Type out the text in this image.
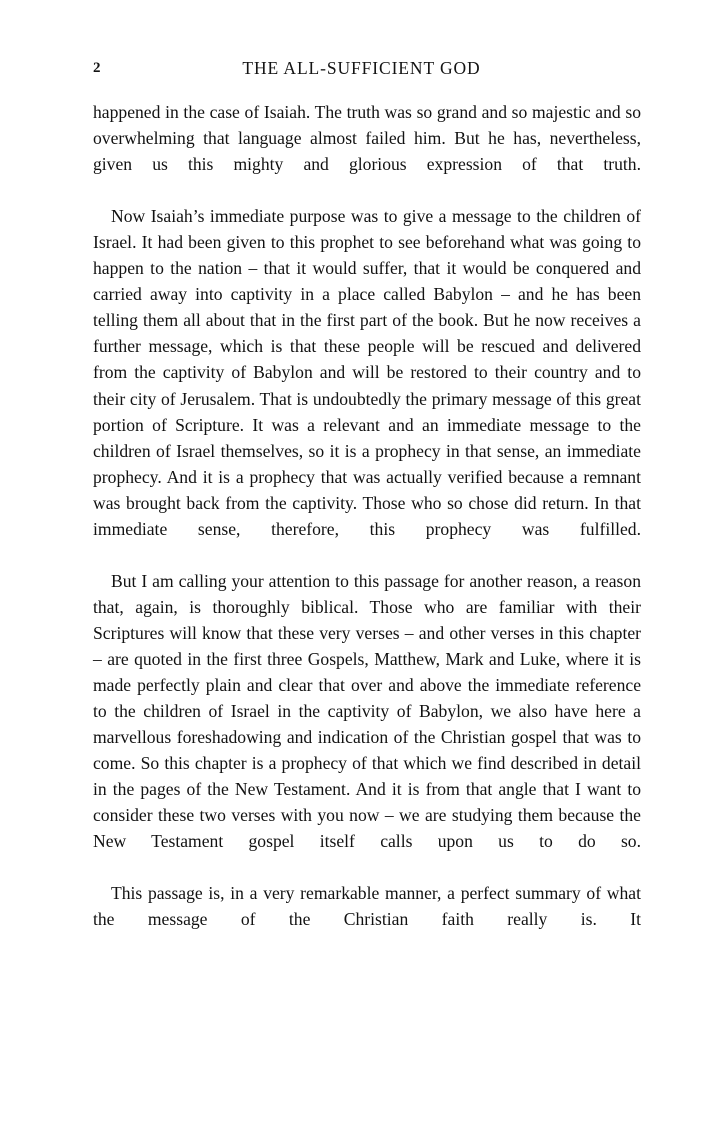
2	THE ALL-SUFFICIENT GOD

happened in the case of Isaiah. The truth was so grand and so majestic and so overwhelming that language almost failed him. But he has, nevertheless, given us this mighty and glorious expression of that truth.

Now Isaiah’s immediate purpose was to give a message to the children of Israel. It had been given to this prophet to see beforehand what was going to happen to the nation – that it would suffer, that it would be conquered and carried away into captivity in a place called Babylon – and he has been telling them all about that in the first part of the book. But he now receives a further message, which is that these people will be rescued and delivered from the captivity of Babylon and will be restored to their country and to their city of Jerusalem. That is undoubtedly the primary message of this great portion of Scripture. It was a relevant and an immediate message to the children of Israel themselves, so it is a prophecy in that sense, an immediate prophecy. And it is a prophecy that was actually verified because a remnant was brought back from the captivity. Those who so chose did return. In that immediate sense, therefore, this prophecy was fulfilled.

But I am calling your attention to this passage for another reason, a reason that, again, is thoroughly biblical. Those who are familiar with their Scriptures will know that these very verses – and other verses in this chapter – are quoted in the first three Gospels, Matthew, Mark and Luke, where it is made perfectly plain and clear that over and above the immediate reference to the children of Israel in the captivity of Babylon, we also have here a marvellous foreshadowing and indication of the Christian gospel that was to come. So this chapter is a prophecy of that which we find described in detail in the pages of the New Testament. And it is from that angle that I want to consider these two verses with you now – we are studying them because the New Testament gospel itself calls upon us to do so.

This passage is, in a very remarkable manner, a perfect summary of what the message of the Christian faith really is. It
